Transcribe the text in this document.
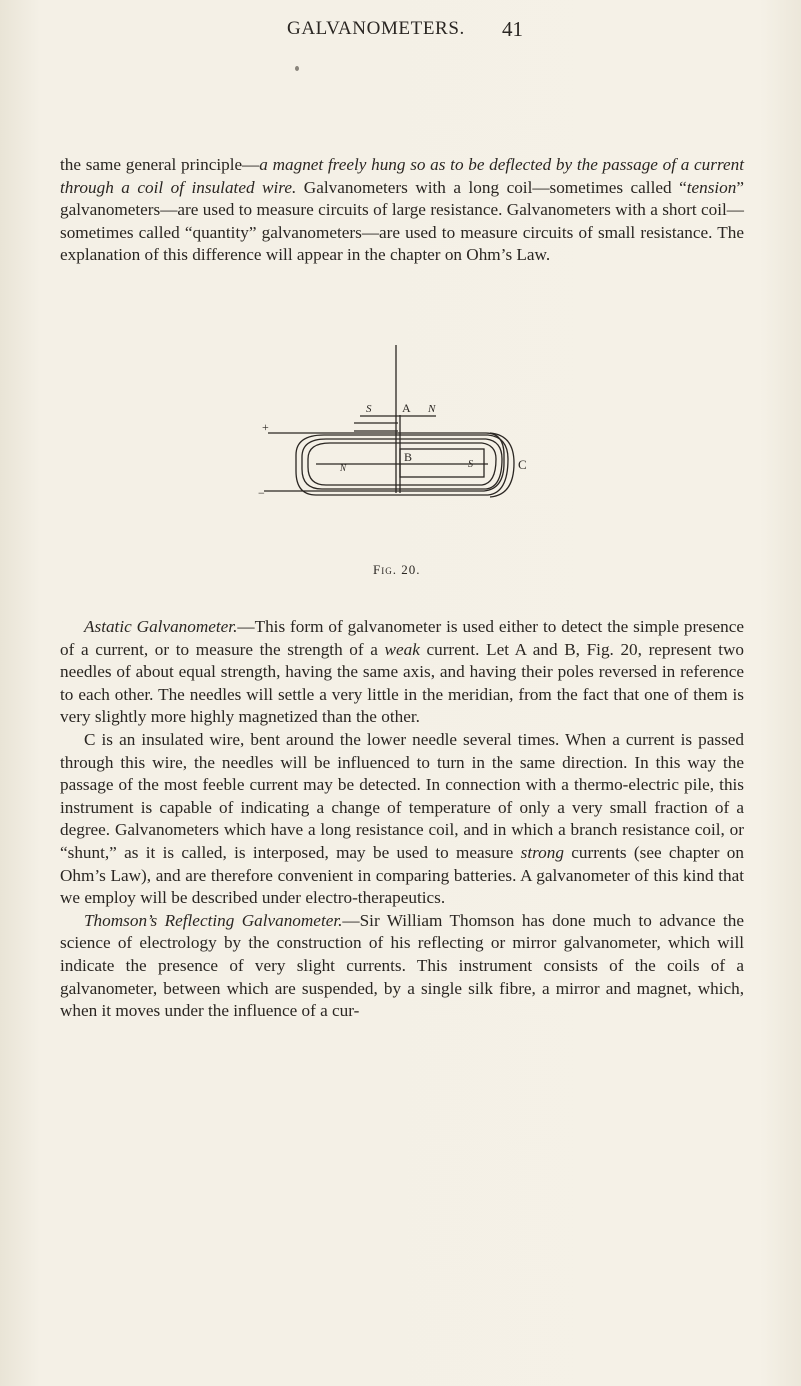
GALVANOMETERS. 41

the same general principle—a magnet freely hung so as to be deflected by the passage of a current through a coil of insulated wire. Galvanometers with a long coil—sometimes called “tension” galvanometers—are used to measure circuits of large resistance. Galvanometers with a short coil—sometimes called “quantity” galvanometers—are used to measure circuits of small resistance. The explanation of this difference will appear in the chapter on Ohm’s Law.

S	A N
+
N
B
S
−
C
Fig. 20.

Astatic Galvanometer.—This form of galvanometer is used either to detect the simple presence of a current, or to measure the strength of a weak current. Let A and B, Fig. 20, represent two needles of about equal strength, having the same axis, and having their poles reversed in reference to each other. The needles will settle a very little in the meridian, from the fact that one of them is very slightly more highly magnetized than the other.

C is an insulated wire, bent around the lower needle several times. When a current is passed through this wire, the needles will be influenced to turn in the same direction. In this way the passage of the most feeble current may be detected. In connection with a thermo-electric pile, this instrument is capable of indicating a change of temperature of only a very small fraction of a degree. Galvanometers which have a long resistance coil, and in which a branch resistance coil, or “shunt,” as it is called, is interposed, may be used to measure strong currents (see chapter on Ohm’s Law), and are therefore convenient in comparing batteries. A galvanometer of this kind that we employ will be described under electro-therapeutics.

Thomson’s Reflecting Galvanometer.—Sir William Thomson has done much to advance the science of electrology by the construction of his reflecting or mirror galvanometer, which will indicate the presence of very slight currents. This instrument consists of the coils of a galvanometer, between which are suspended, by a single silk fibre, a mirror and magnet, which, when it moves under the influence of a cur-
